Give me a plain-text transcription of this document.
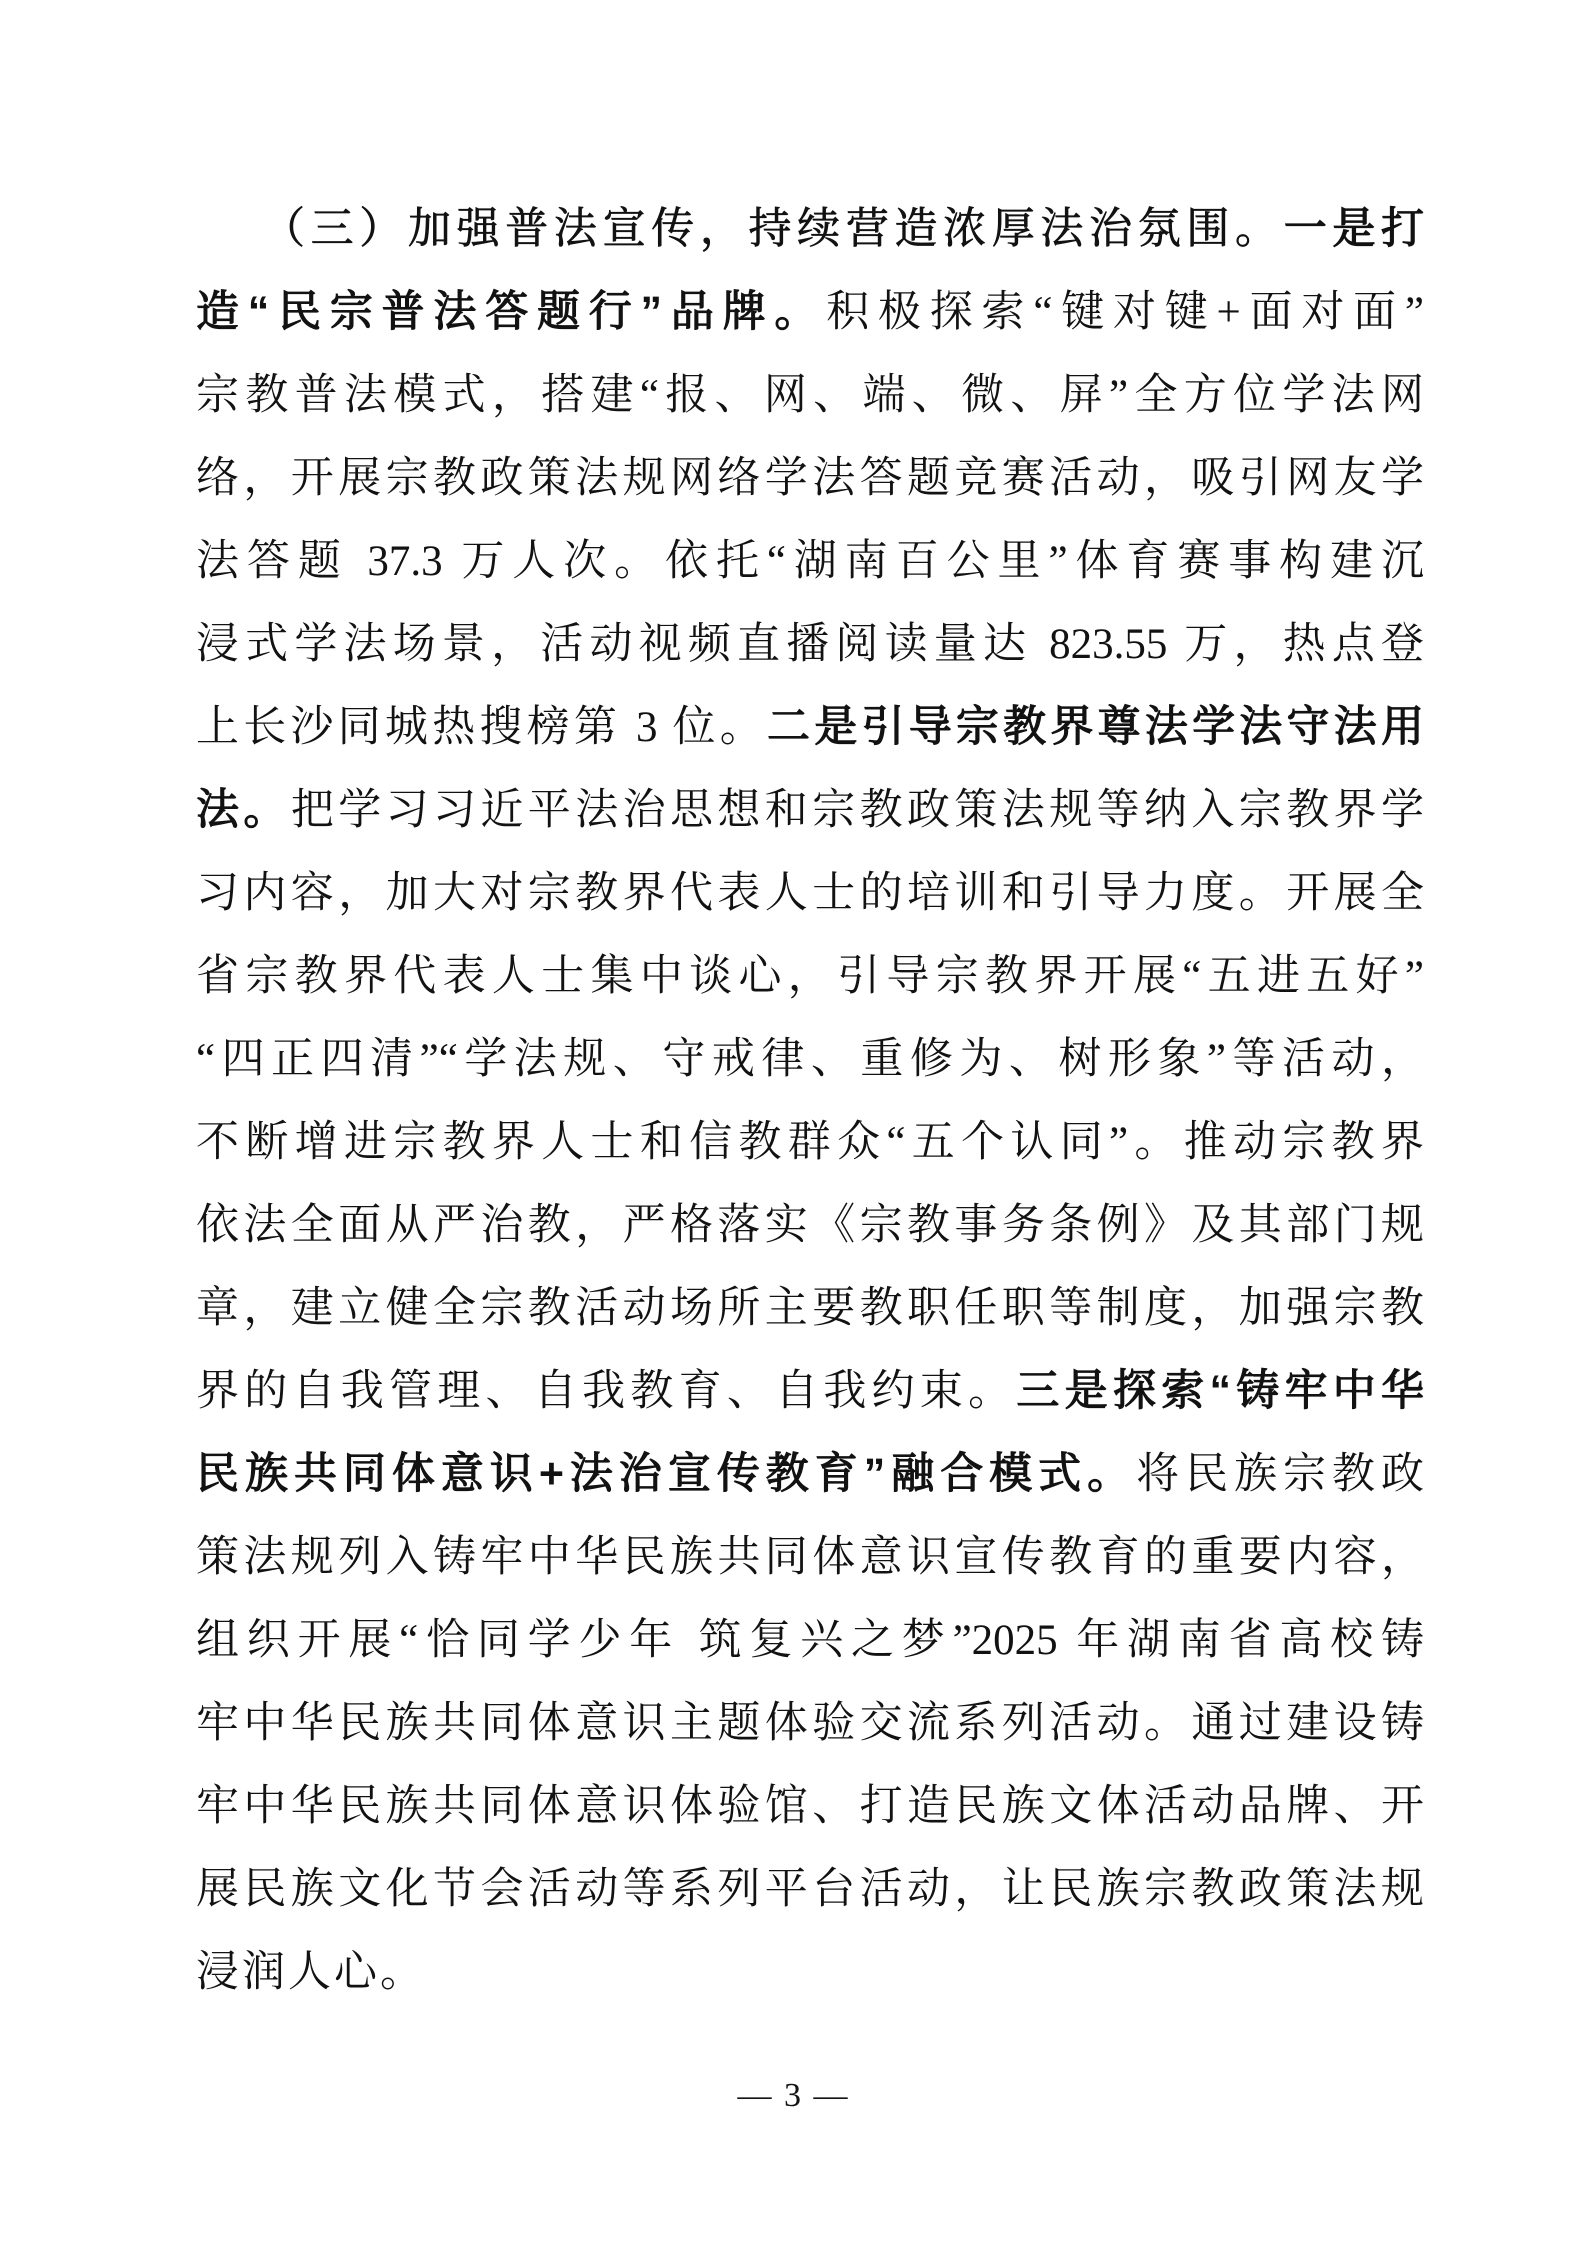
（三）加强普法宣传，持续营造浓厚法治氛围。一是打
造“民宗普法答题行”品牌。积极探索“键对键+面对面”
宗教普法模式，搭建“报、网、端、微、屏”全方位学法网
络，开展宗教政策法规网络学法答题竞赛活动，吸引网友学
法答题 37.3 万人次。依托“湖南百公里”体育赛事构建沉
浸式学法场景，活动视频直播阅读量达 823.55 万，热点登
上长沙同城热搜榜第 3 位。二是引导宗教界尊法学法守法用
法。把学习习近平法治思想和宗教政策法规等纳入宗教界学
习内容，加大对宗教界代表人士的培训和引导力度。开展全
省宗教界代表人士集中谈心，引导宗教界开展“五进五好”
“四正四清”“学法规、守戒律、重修为、树形象”等活动，
不断增进宗教界人士和信教群众“五个认同”。推动宗教界
依法全面从严治教，严格落实《宗教事务条例》及其部门规
章，建立健全宗教活动场所主要教职任职等制度，加强宗教
界的自我管理、自我教育、自我约束。三是探索“铸牢中华
民族共同体意识+法治宣传教育”融合模式。将民族宗教政
策法规列入铸牢中华民族共同体意识宣传教育的重要内容，
组织开展“恰同学少年 筑复兴之梦”2025 年湖南省高校铸
牢中华民族共同体意识主题体验交流系列活动。通过建设铸
牢中华民族共同体意识体验馆、打造民族文体活动品牌、开
展民族文化节会活动等系列平台活动，让民族宗教政策法规
浸润人心。
— 3 —
